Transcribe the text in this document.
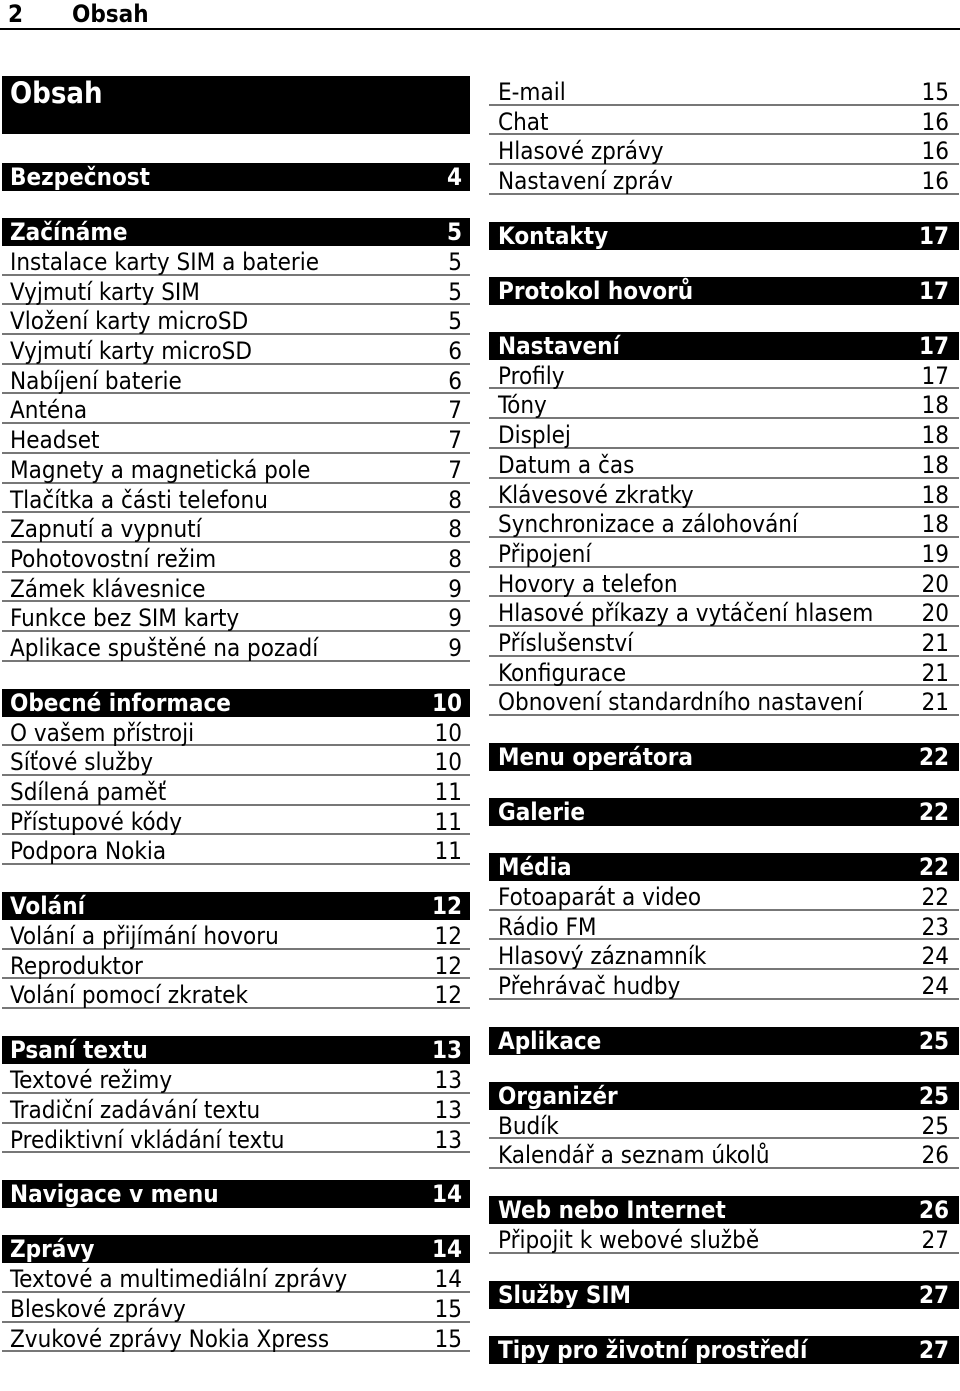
2 Obsah
Obsah
Bezpečnost	4
Začínáme	5
Instalace karty SIM a baterie	5
Vyjmutí karty SIM	5
Vložení karty microSD	5
Vyjmutí karty microSD	6
Nabíjení baterie	6
Anténa	7
Headset	7
Magnety a magnetická pole	7
Tlačítka a části telefonu	8
Zapnutí a vypnutí	8
Pohotovostní režim	8
Zámek klávesnice	9
Funkce bez SIM karty	9
Aplikace spuštěné na pozadí	9
Obecné informace	10
O vašem přístroji	10
Síťové služby	10
Sdílená paměť	11
Přístupové kódy	11
Podpora Nokia	11
Volání	12
Volání a přijímání hovoru	12
Reproduktor	12
Volání pomocí zkratek	12
Psaní textu	13
Textové režimy	13
Tradiční zadávání textu	13
Prediktivní vkládání textu	13
Navigace v menu	14
Zprávy	14
Textové a multimediální zprávy	14
Bleskové zprávy	15
Zvukové zprávy Nokia Xpress	15
E-mail	15
Chat	16
Hlasové zprávy	16
Nastavení zpráv	16
Kontakty	17
Protokol hovorů	17
Nastavení	17
Profily	17
Tóny	18
Displej	18
Datum a čas	18
Klávesové zkratky	18
Synchronizace a zálohování	18
Připojení	19
Hovory a telefon	20
Hlasové příkazy a vytáčení hlasem 20
Příslušenství	21
Konfigurace	21
Obnovení standardního nastavení 21
Menu operátora	22
Galerie	22
Média	22
Fotoaparát a video	22
Rádio FM	23
Hlasový záznamník	24
Přehrávač hudby	24
Aplikace	25
Organizér	25
Budík	25
Kalendář a seznam úkolů	26
Web nebo Internet	26
Připojit k webové službě	27
Služby SIM	27
Tipy pro životní prostředí	27
